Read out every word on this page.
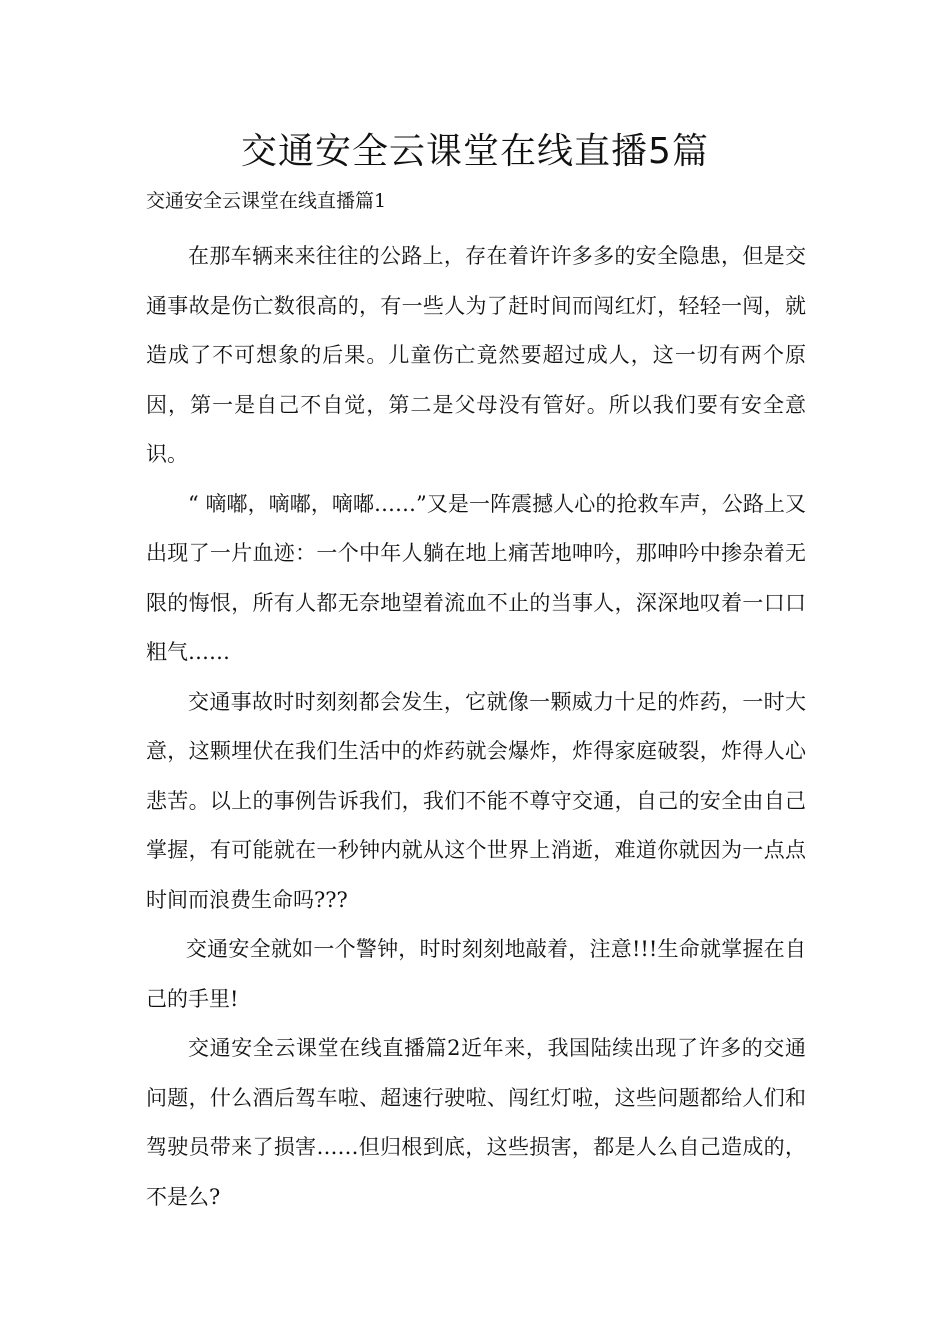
交通安全云课堂在线直播5篇
交通安全云课堂在线直播篇1

在那车辆来来往往的公路上，存在着许许多多的安全隐患，但是交通事故是伤亡数很高的，有一些人为了赶时间而闯红灯，轻轻一闯，就造成了不可想象的后果。儿童伤亡竟然要超过成人，这一切有两个原因，第一是自己不自觉，第二是父母没有管好。所以我们要有安全意识。

“ 嘀嘟，嘀嘟，嘀嘟……”又是一阵震撼人心的抢救车声，公路上又出现了一片血迹：一个中年人躺在地上痛苦地呻吟，那呻吟中掺杂着无限的悔恨，所有人都无奈地望着流血不止的当事人，深深地叹着一口口粗气……

交通事故时时刻刻都会发生，它就像一颗威力十足的炸药，一时大意，这颗埋伏在我们生活中的炸药就会爆炸，炸得家庭破裂，炸得人心悲苦。以上的事例告诉我们，我们不能不尊守交通，自己的安全由自己掌握，有可能就在一秒钟内就从这个世界上消逝，难道你就因为一点点时间而浪费生命吗???

交通安全就如一个警钟，时时刻刻地敲着，注意!!!生命就掌握在自己的手里!

交通安全云课堂在线直播篇2近年来，我国陆续出现了许多的交通问题，什么酒后驾车啦、超速行驶啦、闯红灯啦，这些问题都给人们和驾驶员带来了损害……但归根到底，这些损害，都是人么自己造成的，不是么?
